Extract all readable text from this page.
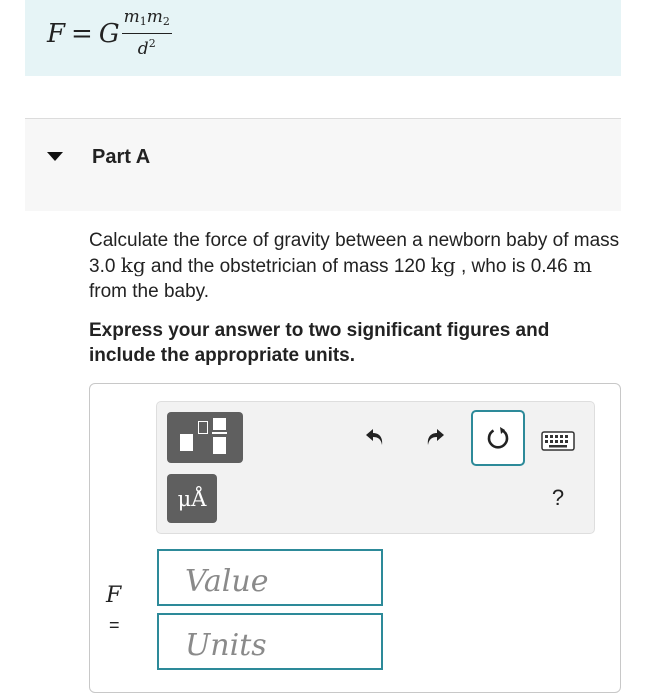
F = G $\frac{m_1m_2}{d^2}$
Part A
Calculate the force of gravity between a newborn baby of mass 3.0 kg and the obstetrician of mass 120 kg , who is 0.46 m from the baby.
Express your answer to two significant figures and include the appropriate units.
μÅ	?
F
=
Value
Units
